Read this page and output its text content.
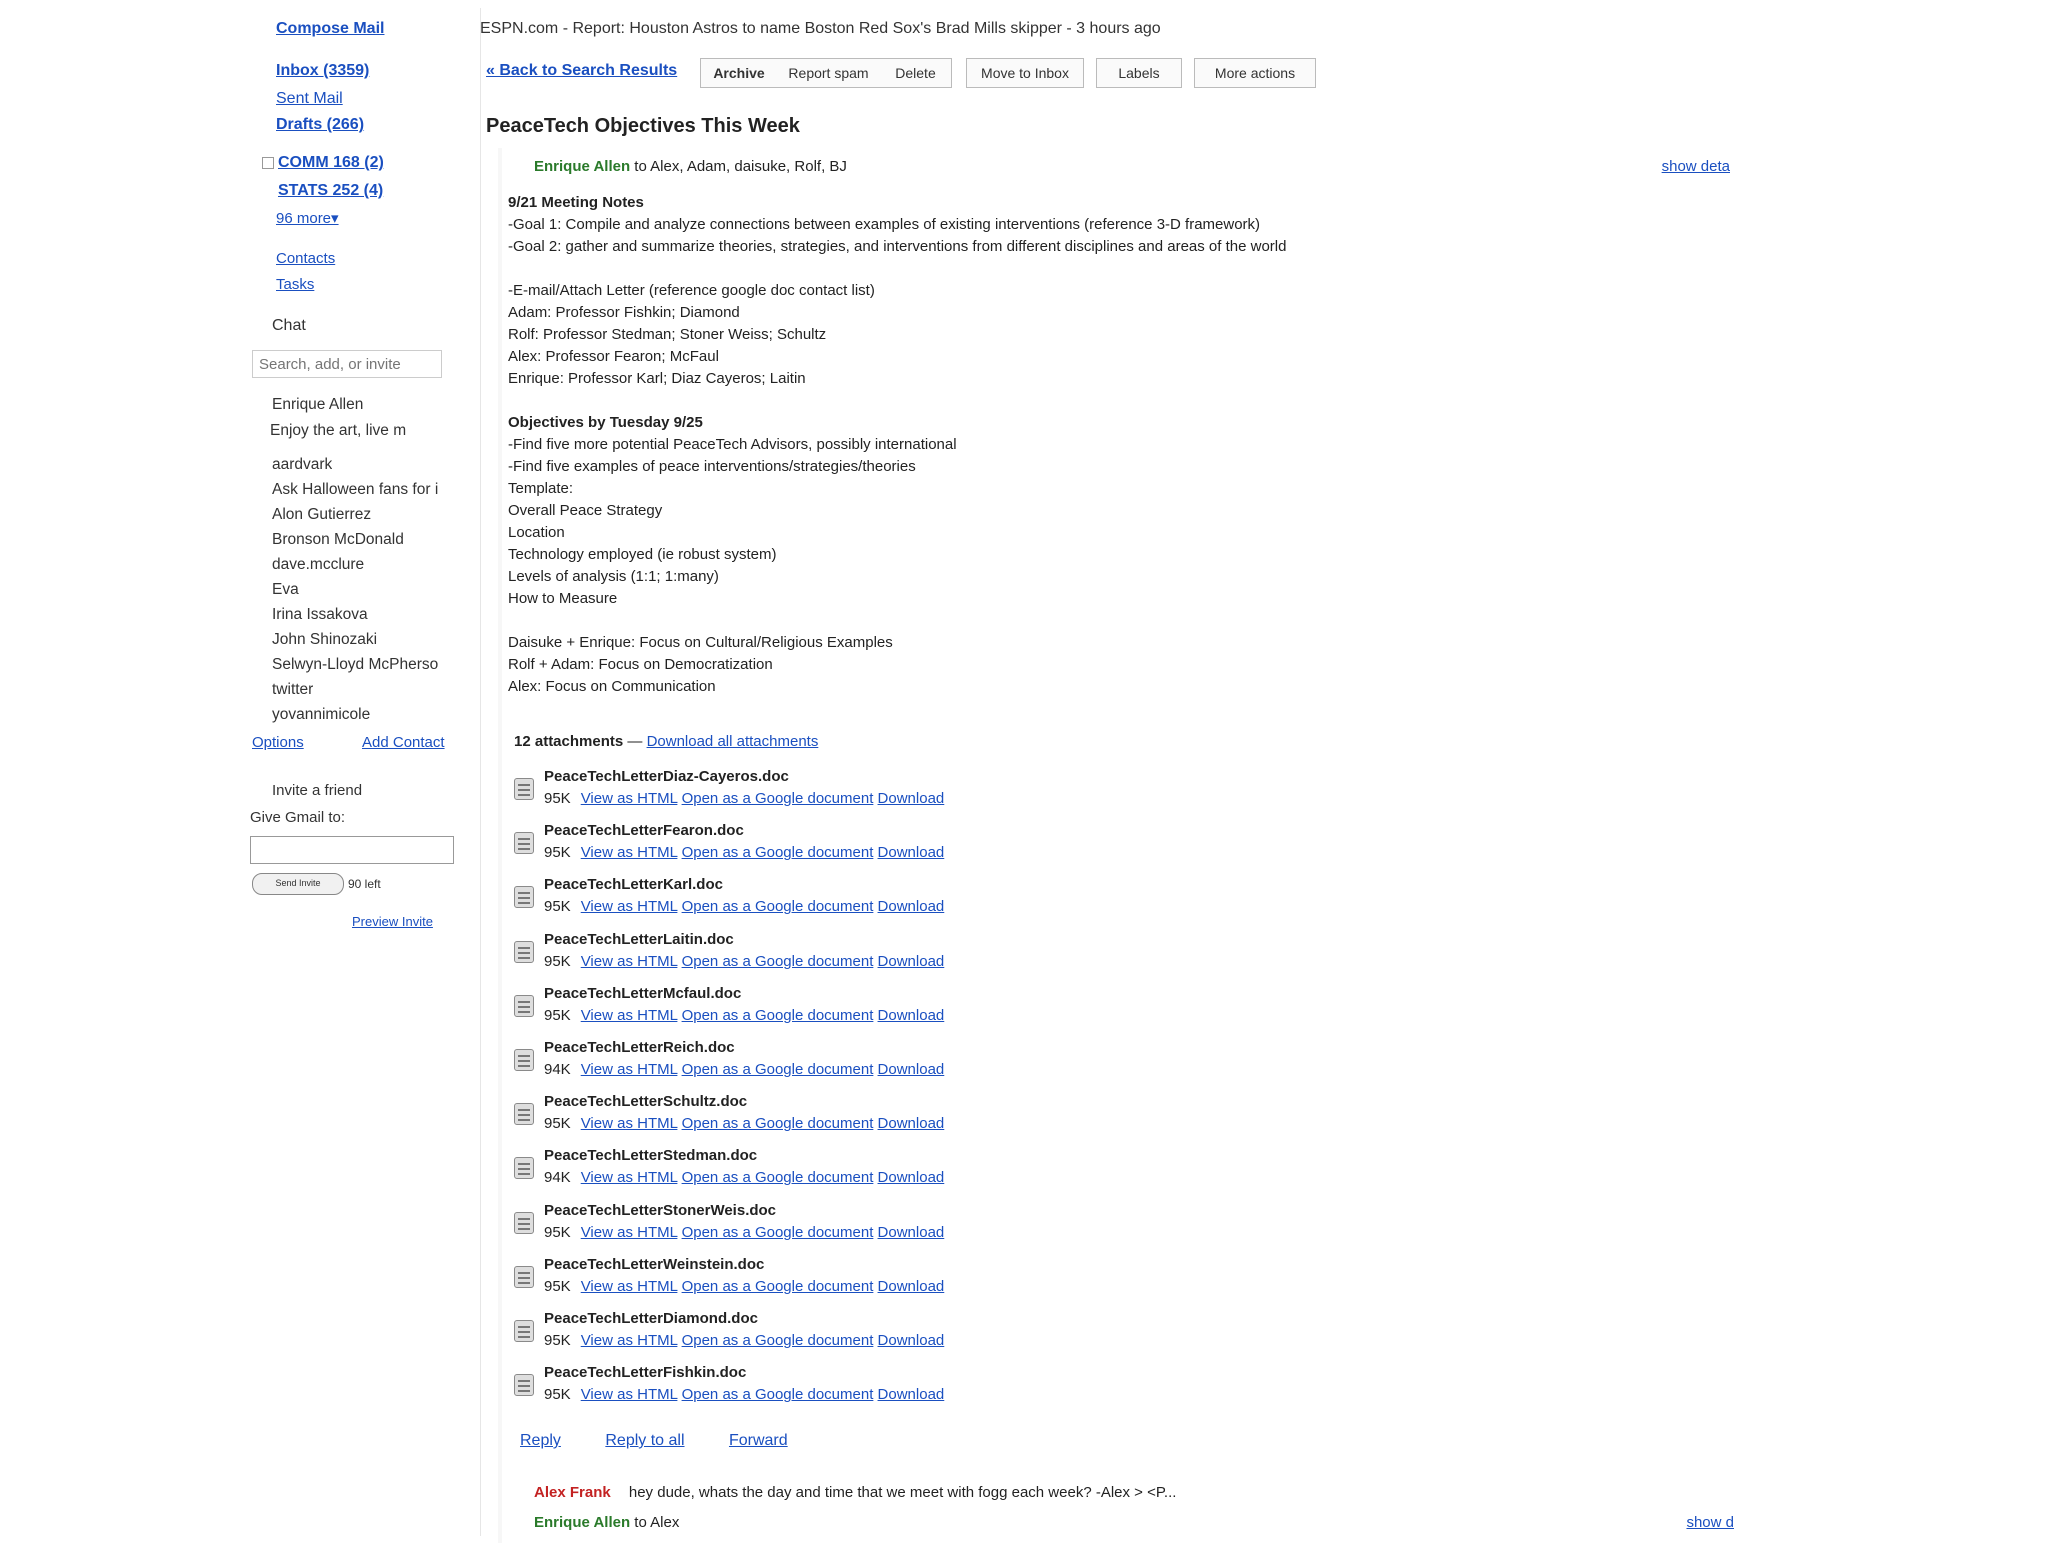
Compose Mail
Inbox (3359)
Sent Mail
Drafts (266)
COMM 168 (2)
STATS 252 (4)
96 more▾
Contacts
Tasks
Chat
Search, add, or invite
Enrique Allen
Enjoy the art, live m
aardvark
Ask Halloween fans for i
Alon Gutierrez
Bronson McDonald
dave.mcclure
Eva
Irina Issakova
John Shinozaki
Selwyn-Lloyd McPherso
twitter
yovannimicole
Options	Add Contact
Invite a friend
Give Gmail to:
Send Invite	90 left
Preview Invite
ESPN.com - Report: Houston Astros to name Boston Red Sox's Brad Mills skipper - 3 hours ago
« Back to Search Results	Archive	Report spam	Delete	Move to Inbox	Labels	More actions
PeaceTech Objectives This Week
Enrique Allen to Alex, Adam, daisuke, Rolf, BJ	show deta
9/21 Meeting Notes
-Goal 1: Compile and analyze connections between examples of existing interventions (reference 3-D framework)
-Goal 2: gather and summarize theories, strategies, and interventions from different disciplines and areas of the world
-E-mail/Attach Letter (reference google doc contact list)
Adam: Professor Fishkin; Diamond
Rolf: Professor Stedman; Stoner Weiss; Schultz
Alex: Professor Fearon; McFaul
Enrique: Professor Karl; Diaz Cayeros; Laitin
Objectives by Tuesday 9/25
-Find five more potential PeaceTech Advisors, possibly international
-Find five examples of peace interventions/strategies/theories
Template:
Overall Peace Strategy
Location
Technology employed (ie robust system)
Levels of analysis (1:1; 1:many)
How to Measure
Daisuke + Enrique: Focus on Cultural/Religious Examples
Rolf + Adam: Focus on Democratization
Alex: Focus on Communication
12 attachments — Download all attachments
PeaceTechLetterDiaz-Cayeros.doc
95K View as HTML Open as a Google document Download
PeaceTechLetterFearon.doc
95K View as HTML Open as a Google document Download
PeaceTechLetterKarl.doc
95K View as HTML Open as a Google document Download
PeaceTechLetterLaitin.doc
95K View as HTML Open as a Google document Download
PeaceTechLetterMcfaul.doc
95K View as HTML Open as a Google document Download
PeaceTechLetterReich.doc
94K View as HTML Open as a Google document Download
PeaceTechLetterSchultz.doc
95K View as HTML Open as a Google document Download
PeaceTechLetterStedman.doc
94K View as HTML Open as a Google document Download
PeaceTechLetterStonerWeis.doc
95K View as HTML Open as a Google document Download
PeaceTechLetterWeinstein.doc
95K View as HTML Open as a Google document Download
PeaceTechLetterDiamond.doc
95K View as HTML Open as a Google document Download
PeaceTechLetterFishkin.doc
95K View as HTML Open as a Google document Download
Reply	Reply to all	Forward
Alex Frank hey dude, whats the day and time that we meet with fogg each week? -Alex > <P...
Enrique Allen to Alex	show d
